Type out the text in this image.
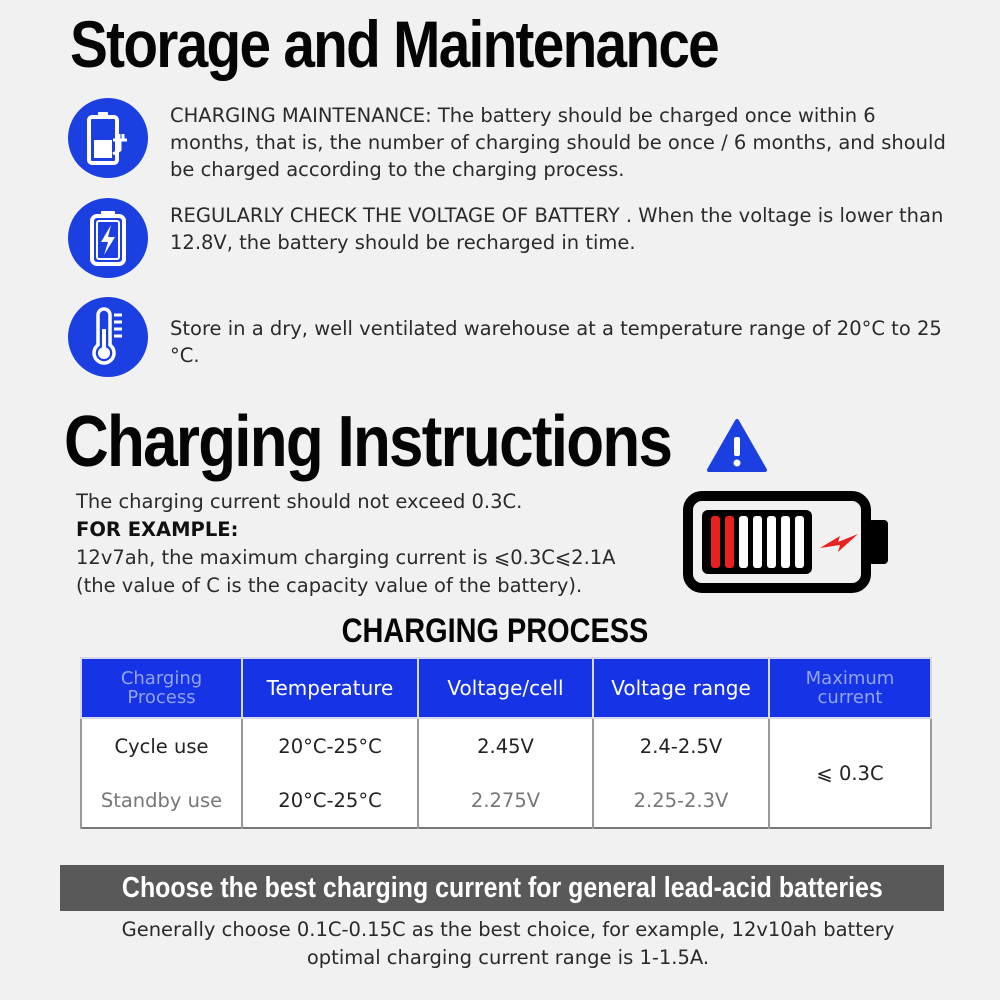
Storage and Maintenance
CHARGING MAINTENANCE: The battery should be charged once within 6 months, that is, the number of charging should be once / 6 months, and should be charged according to the charging process.
REGULARLY CHECK THE VOLTAGE OF BATTERY . When the voltage is lower than 12.8V, the battery should be recharged in time.
Store in a dry, well ventilated warehouse at a temperature range of 20°C to 25 °C.
Charging Instructions
The charging current should not exceed 0.3C.
FOR EXAMPLE:
12v7ah, the maximum charging current is ⩽0.3C⩽2.1A
(the value of C is the capacity value of the battery).
CHARGING PROCESS
Charging Process	Temperature	Voltage/cell	Voltage range	Maximum current
Cycle use	20°C-25°C	2.45V	2.4-2.5V	⩽ 0.3C
Standby use	20°C-25°C	2.275V	2.25-2.3V	
Choose the best charging current for general lead-acid batteries
Generally choose 0.1C-0.15C as the best choice, for example, 12v10ah battery
optimal charging current range is 1-1.5A.
